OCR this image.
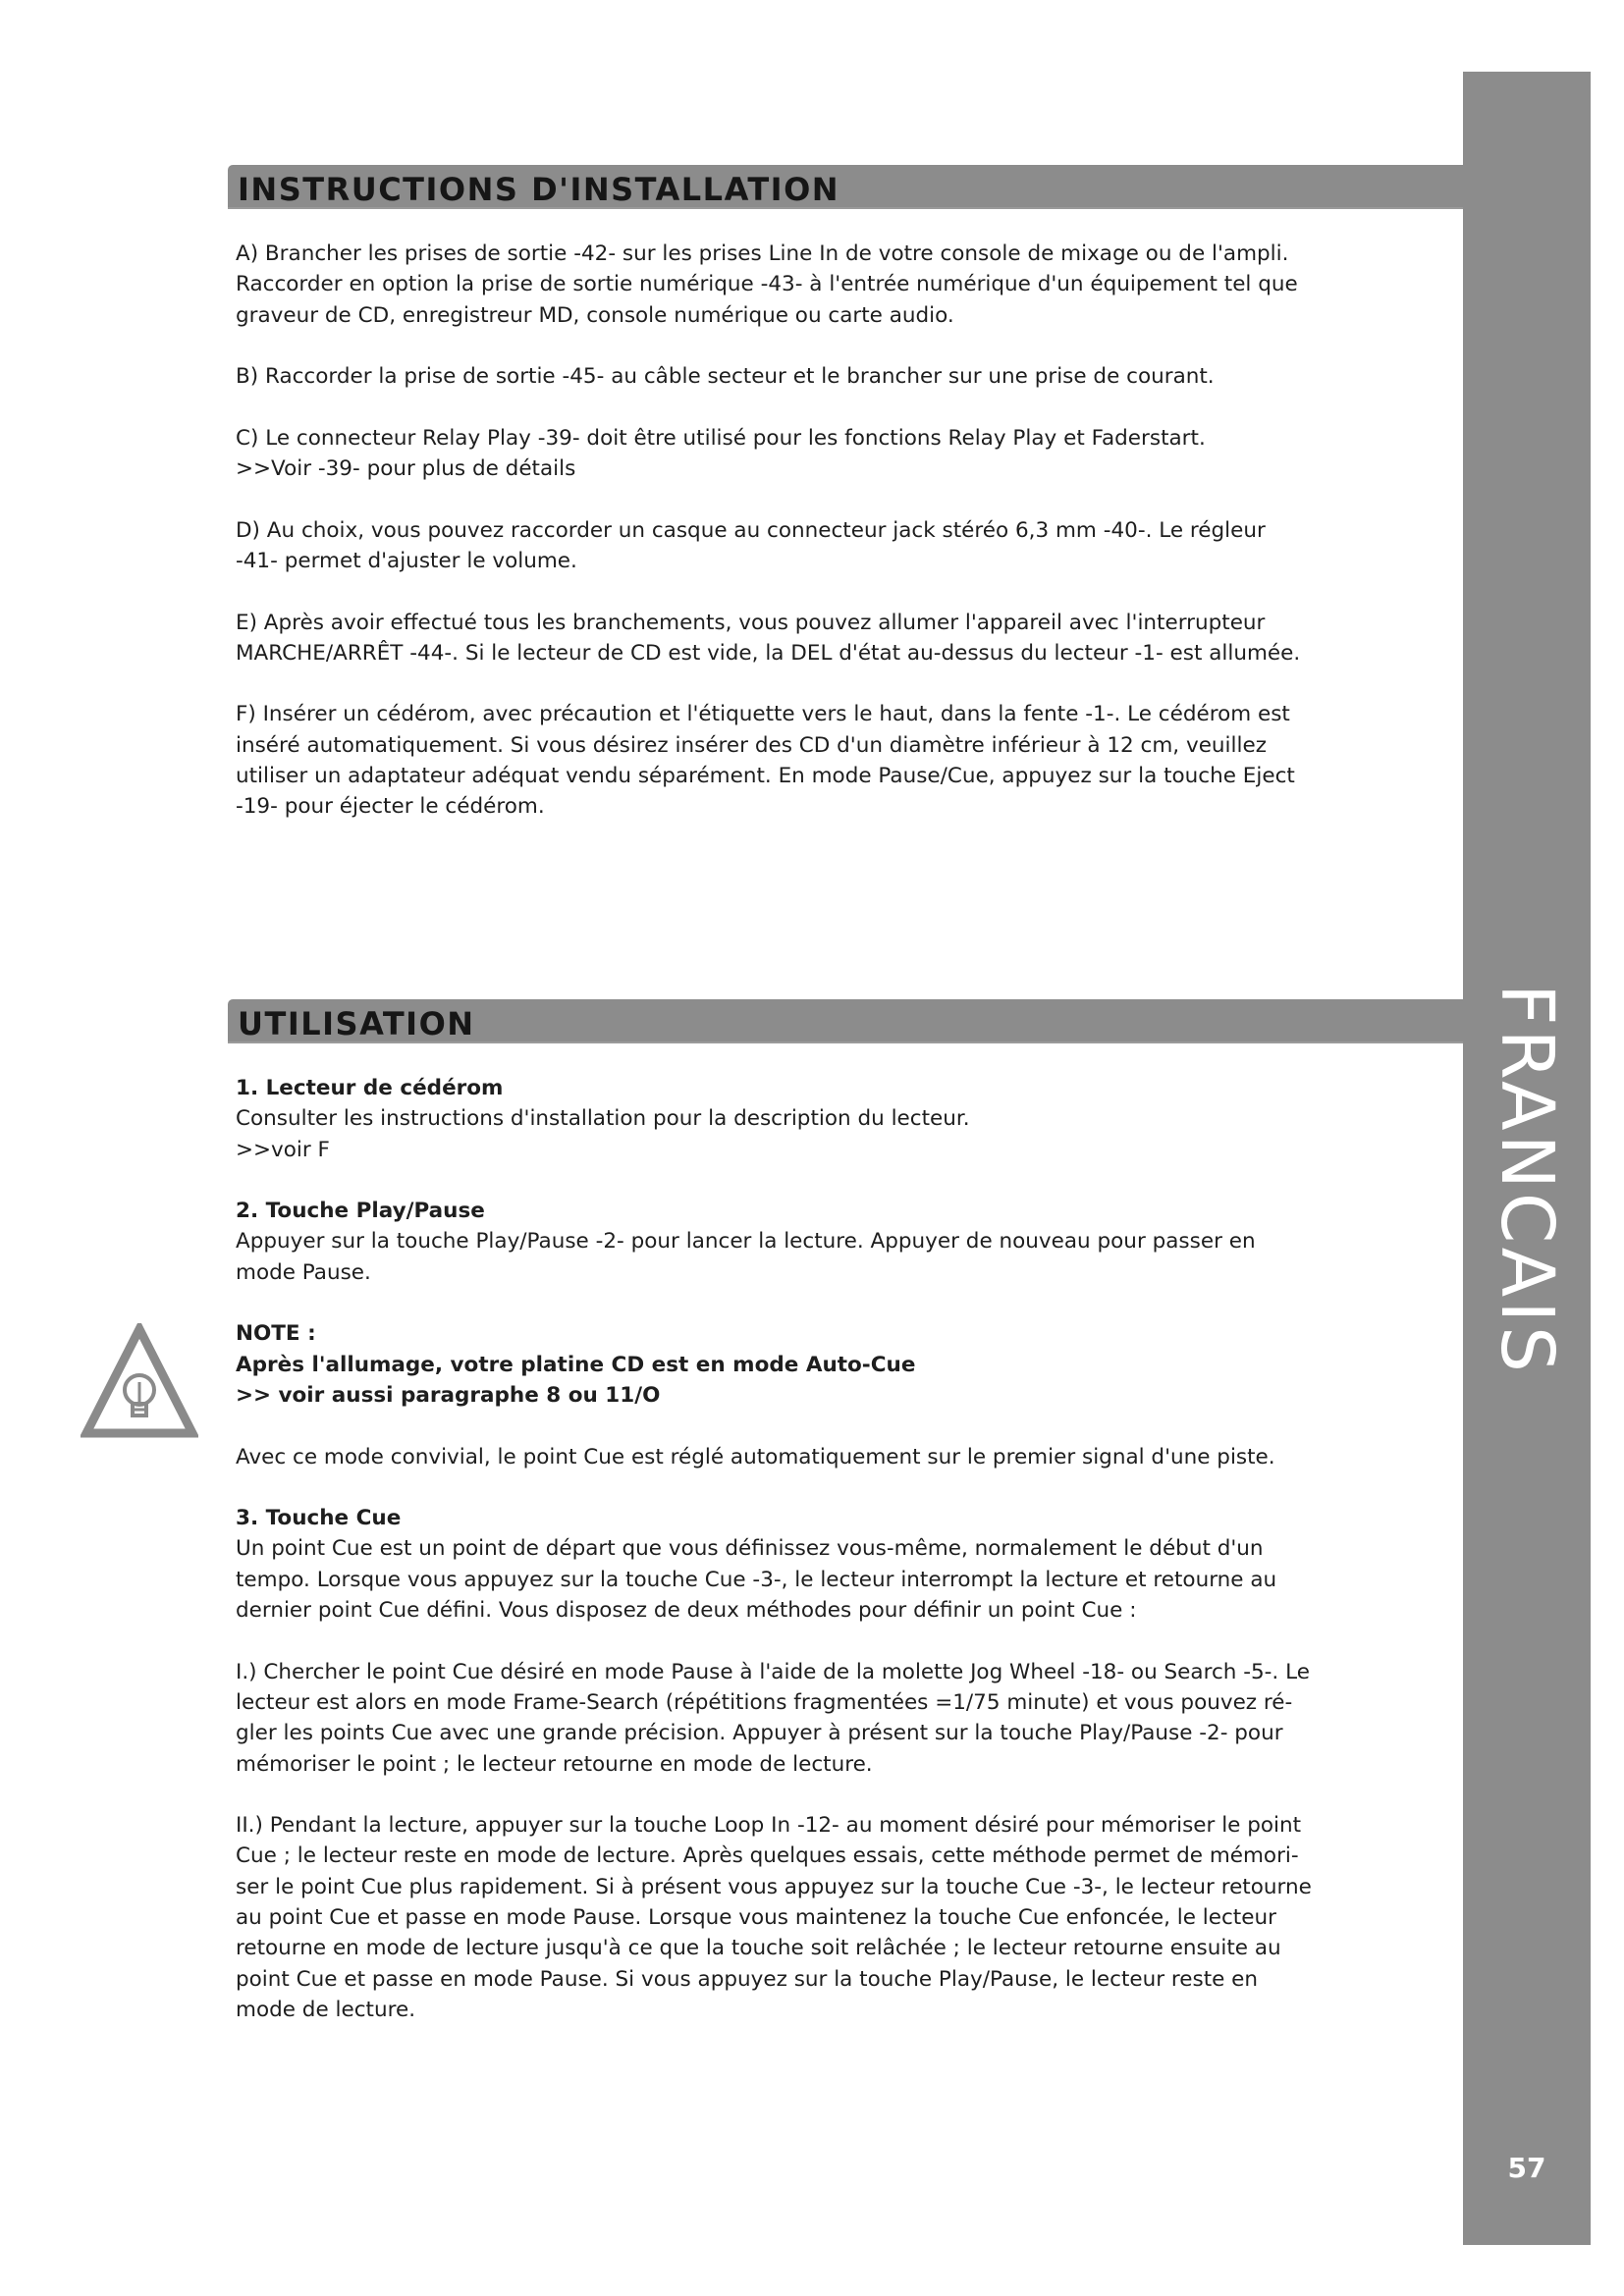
FRANCAIS
57
INSTRUCTIONS D'INSTALLATION

A) Brancher les prises de sortie -42- sur les prises Line In de votre console de mixage ou de l'ampli.
Raccorder en option la prise de sortie numérique -43- à l'entrée numérique d'un équipement tel que
graveur de CD, enregistreur MD, console numérique ou carte audio.

B) Raccorder la prise de sortie -45- au câble secteur et le brancher sur une prise de courant.

C) Le connecteur Relay Play -39- doit être utilisé pour les fonctions Relay Play et Faderstart.
>>Voir -39- pour plus de détails

D) Au choix, vous pouvez raccorder un casque au connecteur jack stéréo 6,3 mm -40-. Le régleur
-41- permet d'ajuster le volume.

E) Après avoir effectué tous les branchements, vous pouvez allumer l'appareil avec l'interrupteur
MARCHE/ARRÊT -44-. Si le lecteur de CD est vide, la DEL d'état au-dessus du lecteur -1- est allumée.

F) Insérer un cédérom, avec précaution et l'étiquette vers le haut, dans la fente -1-. Le cédérom est
inséré automatiquement. Si vous désirez insérer des CD d'un diamètre inférieur à 12 cm, veuillez
utiliser un adaptateur adéquat vendu séparément. En mode Pause/Cue, appuyez sur la touche Eject
-19- pour éjecter le cédérom.

UTILISATION

1. Lecteur de cédérom
Consulter les instructions d'installation pour la description du lecteur.
>>voir F

2. Touche Play/Pause
Appuyer sur la touche Play/Pause -2- pour lancer la lecture. Appuyer de nouveau pour passer en
mode Pause.

NOTE :
Après l'allumage, votre platine CD est en mode Auto-Cue
>> voir aussi paragraphe 8 ou 11/O

Avec ce mode convivial, le point Cue est réglé automatiquement sur le premier signal d'une piste.

3. Touche Cue
Un point Cue est un point de départ que vous définissez vous-même, normalement le début d'un
tempo. Lorsque vous appuyez sur la touche Cue -3-, le lecteur interrompt la lecture et retourne au
dernier point Cue défini. Vous disposez de deux méthodes pour définir un point Cue :

I.) Chercher le point Cue désiré en mode Pause à l'aide de la molette Jog Wheel -18- ou Search -5-. Le
lecteur est alors en mode Frame-Search (répétitions fragmentées =1/75 minute) et vous pouvez ré-
gler les points Cue avec une grande précision. Appuyer à présent sur la touche Play/Pause -2- pour
mémoriser le point ; le lecteur retourne en mode de lecture.

II.) Pendant la lecture, appuyer sur la touche Loop In -12- au moment désiré pour mémoriser le point
Cue ; le lecteur reste en mode de lecture. Après quelques essais, cette méthode permet de mémori-
ser le point Cue plus rapidement. Si à présent vous appuyez sur la touche Cue -3-, le lecteur retourne
au point Cue et passe en mode Pause. Lorsque vous maintenez la touche Cue enfoncée, le lecteur
retourne en mode de lecture jusqu'à ce que la touche soit relâchée ; le lecteur retourne ensuite au
point Cue et passe en mode Pause. Si vous appuyez sur la touche Play/Pause, le lecteur reste en
mode de lecture.
